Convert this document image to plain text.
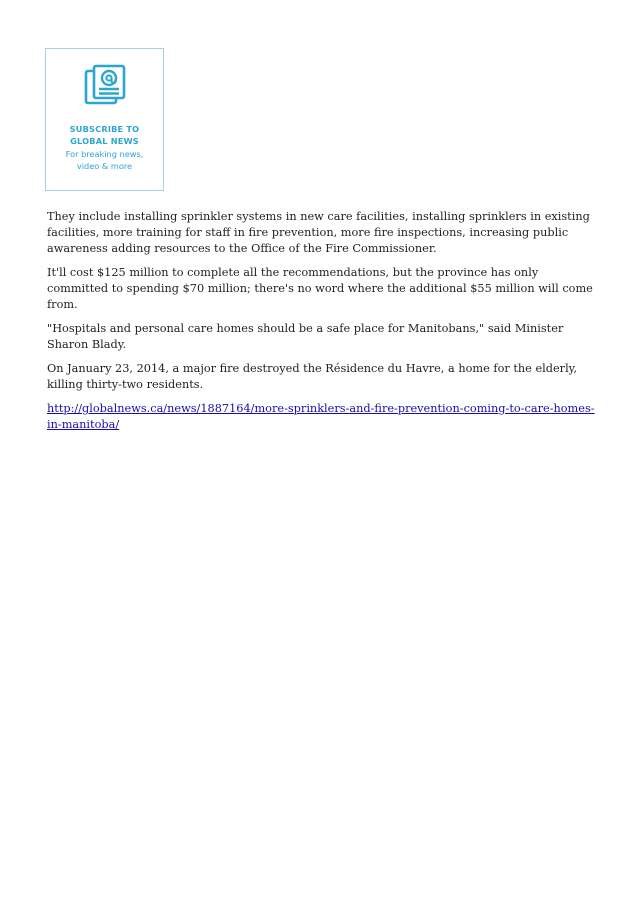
SUBSCRIBE TO
GLOBAL NEWS
For breaking news,
video & more

They include installing sprinkler systems in new care facilities, installing sprinklers in existing facilities, more training for staff in fire prevention, more fire inspections, increasing public awareness adding resources to the Office of the Fire Commissioner.

It'll cost $125 million to complete all the recommendations, but the province has only committed to spending $70 million; there's no word where the additional $55 million will come from.

"Hospitals and personal care homes should be a safe place for Manitobans," said Minister Sharon Blady.

On January 23, 2014, a major fire destroyed the Résidence du Havre, a home for the elderly, killing thirty-two residents.

http://globalnews.ca/news/1887164/more-sprinklers-and-fire-prevention-coming-to-care-homes-in-manitoba/
